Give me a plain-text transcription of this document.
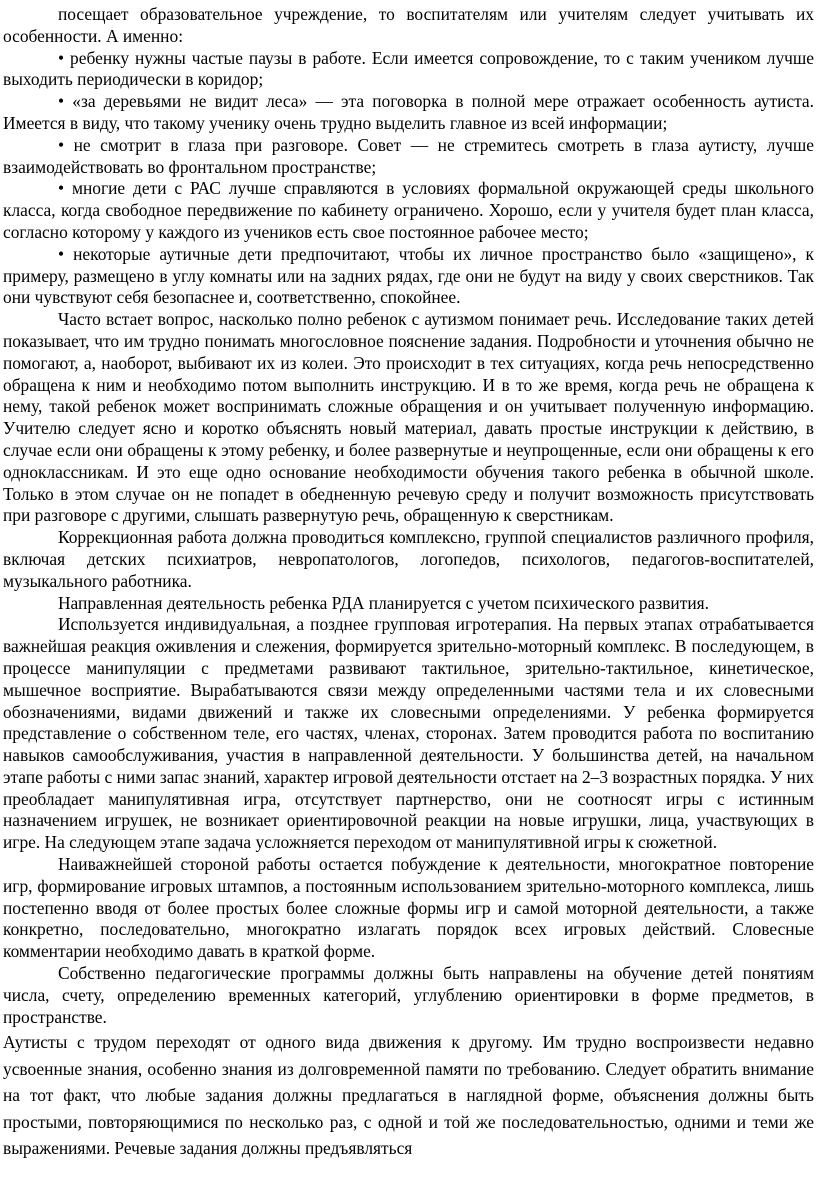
посещает образовательное учреждение, то воспитателям или учителям следует учитывать их особенности. А именно:

• ребенку нужны частые паузы в работе. Если имеется сопровождение, то с таким учеником лучше выходить периодически в коридор;

• «за деревьями не видит леса» — эта поговорка в полной мере отражает особенность аутиста. Имеется в виду, что такому ученику очень трудно выделить главное из всей информации;

• не смотрит в глаза при разговоре. Совет — не стремитесь смотреть в глаза аутисту, лучше взаимодействовать во фронтальном пространстве;

• многие дети с РАС лучше справляются в условиях формальной окружающей среды школьного класса, когда свободное передвижение по кабинету ограничено. Хорошо, если у учителя будет план класса, согласно которому у каждого из учеников есть свое постоянное рабочее место;

• некоторые аутичные дети предпочитают, чтобы их личное пространство было «защищено», к примеру, размещено в углу комнаты или на задних рядах, где они не будут на виду у своих сверстников. Так они чувствуют себя безопаснее и, соответственно, спокойнее.

Часто встает вопрос, насколько полно ребенок с аутизмом понимает речь. Исследование таких детей показывает, что им трудно понимать многословное пояснение задания. Подробности и уточнения обычно не помогают, а, наоборот, выбивают их из колеи. Это происходит в тех ситуациях, когда речь непосредственно обращена к ним и необходимо потом выполнить инструкцию. И в то же время, когда речь не обращена к нему, такой ребенок может воспринимать сложные обращения и он учитывает полученную информацию. Учителю следует ясно и коротко объяснять новый материал, давать простые инструкции к действию, в случае если они обращены к этому ребенку, и более развернутые и неупрощенные, если они обращены к его одноклассникам. И это еще одно основание необходимости обучения такого ребенка в обычной школе. Только в этом случае он не попадет в обедненную речевую среду и получит возможность присутствовать при разговоре с другими, слышать развернутую речь, обращенную к сверстникам.

Коррекционная работа должна проводиться комплексно, группой специалистов различного профиля, включая детских психиатров, невропатологов, логопедов, психологов, педагогов-воспитателей, музыкального работника.

Направленная деятельность ребенка РДА планируется с учетом психического развития.

Используется индивидуальная, а позднее групповая игротерапия. На первых этапах отрабатывается важнейшая реакция оживления и слежения, формируется зрительно-моторный комплекс. В последующем, в процессе манипуляции с предметами развивают тактильное, зрительно-тактильное, кинетическое, мышечное восприятие. Вырабатываются связи между определенными частями тела и их словесными обозначениями, видами движений и также их словесными определениями. У ребенка формируется представление о собственном теле, его частях, членах, сторонах. Затем проводится работа по воспитанию навыков самообслуживания, участия в направленной деятельности. У большинства детей, на начальном этапе работы с ними запас знаний, характер игровой деятельности отстает на 2–3 возрастных порядка. У них преобладает манипулятивная игра, отсутствует партнерство, они не соотносят игры с истинным назначением игрушек, не возникает ориентировочной реакции на новые игрушки, лица, участвующих в игре. На следующем этапе задача усложняется переходом от манипулятивной игры к сюжетной.

Наиважнейшей стороной работы остается побуждение к деятельности, многократное повторение игр, формирование игровых штампов, а постоянным использованием зрительно-моторного комплекса, лишь постепенно вводя от более простых более сложные формы игр и самой моторной деятельности, а также конкретно, последовательно, многократно излагать порядок всех игровых действий. Словесные комментарии необходимо давать в краткой форме.

Собственно педагогические программы должны быть направлены на обучение детей понятиям числа, счету, определению временных категорий, углублению ориентировки в форме предметов, в пространстве.

Аутисты с трудом переходят от одного вида движения к другому. Им трудно воспроизвести недавно усвоенные знания, особенно знания из долговременной памяти по требованию. Следует обратить внимание на тот факт, что любые задания должны предлагаться в наглядной форме, объяснения должны быть простыми, повторяющимися по несколько раз, с одной и той же последовательностью, одними и теми же выражениями. Речевые задания должны предъявляться
